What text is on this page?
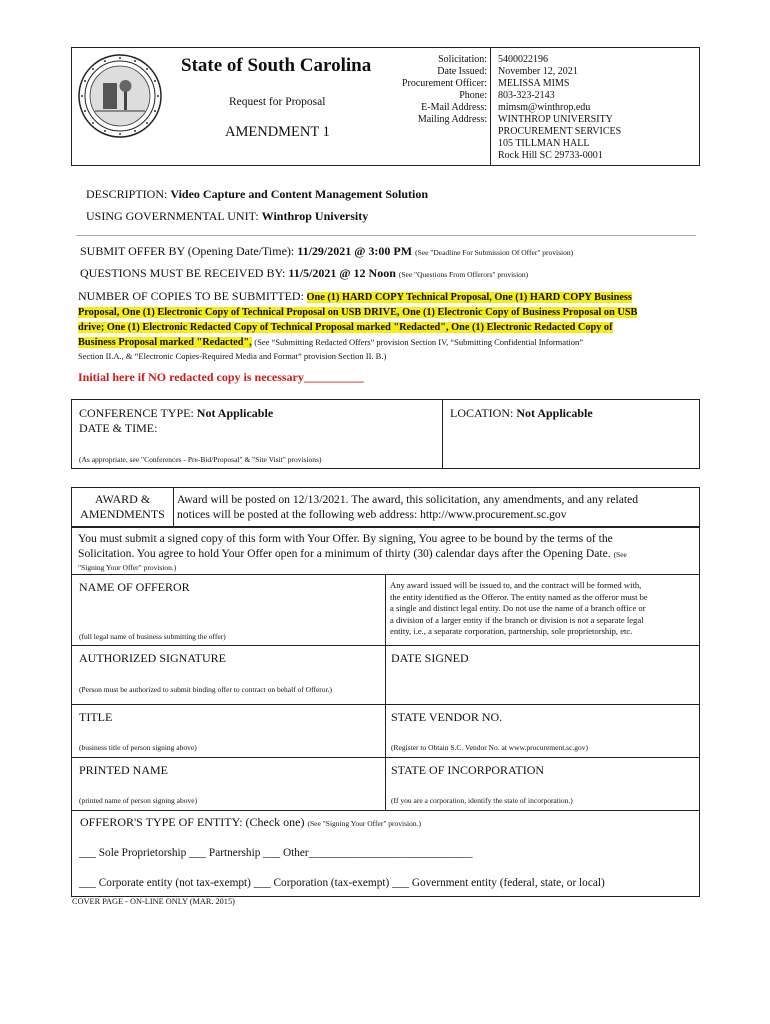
State of South Carolina
Request for Proposal
AMENDMENT 1
Solicitation:
Date Issued:
Procurement Officer:
Phone:
E-Mail Address:
Mailing Address:
5400022196
November 12, 2021
MELISSA MIMS
803-323-2143
mimsm@winthrop.edu
WINTHROP UNIVERSITY
PROCUREMENT SERVICES
105 TILLMAN HALL
Rock Hill SC 29733-0001
DESCRIPTION: Video Capture and Content Management Solution
USING GOVERNMENTAL UNIT: Winthrop University
SUBMIT OFFER BY (Opening Date/Time): 11/29/2021 @ 3:00 PM (See "Deadline For Submission Of Offer" provision)
QUESTIONS MUST BE RECEIVED BY: 11/5/2021 @ 12 Noon (See "Questions From Offerors" provision)
NUMBER OF COPIES TO BE SUBMITTED: One (1) HARD COPY Technical Proposal, One (1) HARD COPY Business
Proposal, One (1) Electronic Copy of Technical Proposal on USB DRIVE, One (1) Electronic Copy of Business Proposal on USB
drive; One (1) Electronic Redacted Copy of Technical Proposal marked "Redacted", One (1) Electronic Redacted Copy of
Business Proposal marked "Redacted", (See “Submitting Redacted Offers” provision Section IV, “Submitting Confidential Information”
Section II.A., & “Electronic Copies-Required Media and Format” provision Section II. B.)
Initial here if NO redacted copy is necessary__________
CONFERENCE TYPE: Not Applicable
DATE & TIME:
LOCATION: Not Applicable
(As appropriate, see "Conferences - Pre-Bid/Proposal" & "Site Visit" provisions)
AWARD &
AMENDMENTS
Award will be posted on 12/13/2021. The award, this solicitation, any amendments, and any related
notices will be posted at the following web address: http://www.procurement.sc.gov
You must submit a signed copy of this form with Your Offer. By signing, You agree to be bound by the terms of the
Solicitation. You agree to hold Your Offer open for a minimum of thirty (30) calendar days after the Opening Date. (See
"Signing Your Offer" provision.)
NAME OF OFFEROR
(full legal name of business submitting the offer)
Any award issued will be issued to, and the contract will be formed with,
the entity identified as the Offeror. The entity named as the offeror must be
a single and distinct legal entity. Do not use the name of a branch office or
a division of a larger entity if the branch or division is not a separate legal
entity, i.e., a separate corporation, partnership, sole proprietorship, etc.
AUTHORIZED SIGNATURE
(Person must be authorized to submit binding offer to contract on behalf of Offeror.)
DATE SIGNED
TITLE
(business title of person signing above)
STATE VENDOR NO.
(Register to Obtain S.C. Vendor No. at www.procurement.sc.gov)
PRINTED NAME
(printed name of person signing above)
STATE OF INCORPORATION
(If you are a corporation, identify the state of incorporation.)
OFFEROR'S TYPE OF ENTITY: (Check one) (See "Signing Your Offer" provision.)
___ Sole Proprietorship ___ Partnership ___ Other_____________________________
___ Corporate entity (not tax-exempt) ___ Corporation (tax-exempt) ___ Government entity (federal, state, or local)
COVER PAGE - ON-LINE ONLY (MAR. 2015)
